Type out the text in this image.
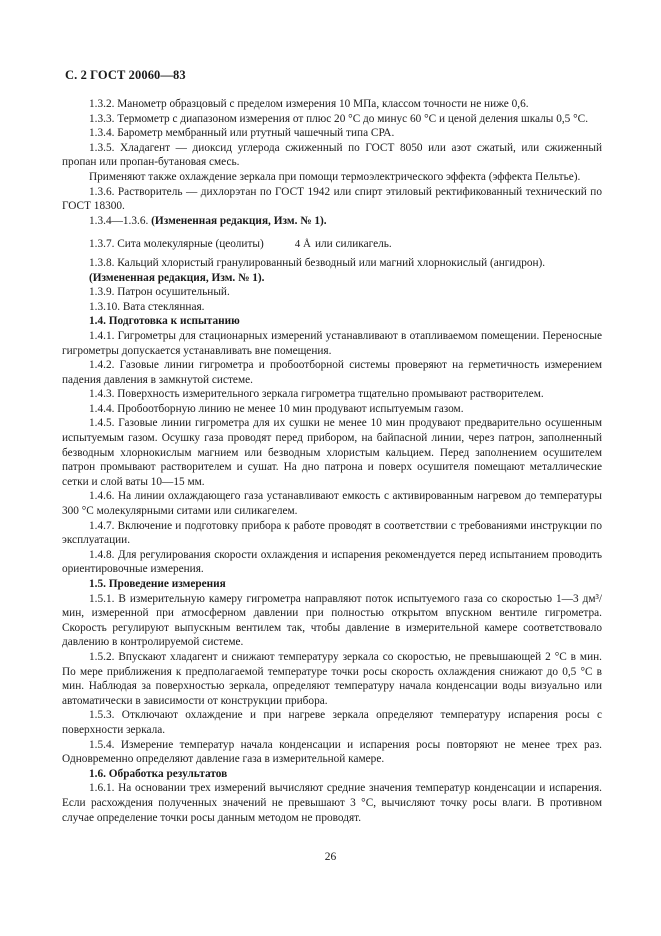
С. 2 ГОСТ 20060—83

1.3.2. Манометр образцовый с пределом измерения 10 МПа, классом точности не ниже 0,6.

1.3.3. Термометр с диапазоном измерения от плюс 20 °C до минус 60 °C и ценой деления шкалы 0,5 °C.

1.3.4. Барометр мембранный или ртутный чашечный типа СРА.

1.3.5. Хладагент — диоксид углерода сжиженный по ГОСТ 8050 или азот сжатый, или сжиженный пропан или пропан-бутановая смесь.

Применяют также охлаждение зеркала при помощи термоэлектрического эффекта (эффекта Пельтье).

1.3.6. Растворитель — дихлорэтан по ГОСТ 1942 или спирт этиловый ректификованный технический по ГОСТ 18300.

1.3.4—1.3.6. (Измененная редакция, Изм. № 1).

1.3.7. Сита молекулярные (цеолиты)	4 Å или силикагель.

1.3.8. Кальций хлористый гранулированный безводный или магний хлорнокислый (ангидрон).

(Измененная редакция, Изм. № 1).

1.3.9. Патрон осушительный.

1.3.10. Вата стеклянная.

1.4. Подготовка к испытанию

1.4.1. Гигрометры для стационарных измерений устанавливают в отапливаемом помещении. Переносные гигрометры допускается устанавливать вне помещения.

1.4.2. Газовые линии гигрометра и пробоотборной системы проверяют на герметичность измерением падения давления в замкнутой системе.

1.4.3. Поверхность измерительного зеркала гигрометра тщательно промывают растворителем.

1.4.4. Пробоотборную линию не менее 10 мин продувают испытуемым газом.

1.4.5. Газовые линии гигрометра для их сушки не менее 10 мин продувают предварительно осушенным испытуемым газом. Осушку газа проводят перед прибором, на байпасной линии, через патрон, заполненный безводным хлорнокислым магнием или безводным хлористым кальцием. Перед заполнением осушителем патрон промывают растворителем и сушат. На дно патрона и поверх осушителя помещают металлические сетки и слой ваты 10—15 мм.

1.4.6. На линии охлаждающего газа устанавливают емкость с активированным нагревом до температуры 300 °C молекулярными ситами или силикагелем.

1.4.7. Включение и подготовку прибора к работе проводят в соответствии с требованиями инструкции по эксплуатации.

1.4.8. Для регулирования скорости охлаждения и испарения рекомендуется перед испытанием проводить ориентировочные измерения.

1.5. Проведение измерения

1.5.1. В измерительную камеру гигрометра направляют поток испытуемого газа со скоростью 1—3 дм³/мин, измеренной при атмосферном давлении при полностью открытом впускном вентиле гигрометра. Скорость регулируют выпускным вентилем так, чтобы давление в измерительной камере соответствовало давлению в контролируемой системе.

1.5.2. Впускают хладагент и снижают температуру зеркала со скоростью, не превышающей 2 °C в мин. По мере приближения к предполагаемой температуре точки росы скорость охлаждения снижают до 0,5 °C в мин. Наблюдая за поверхностью зеркала, определяют температуру начала конденсации воды визуально или автоматически в зависимости от конструкции прибора.

1.5.3. Отключают охлаждение и при нагреве зеркала определяют температуру испарения росы с поверхности зеркала.

1.5.4. Измерение температур начала конденсации и испарения росы повторяют не менее трех раз. Одновременно определяют давление газа в измерительной камере.

1.6. Обработка результатов

1.6.1. На основании трех измерений вычисляют средние значения температур конденсации и испарения. Если расхождения полученных значений не превышают 3 °C, вычисляют точку росы влаги. В противном случае определение точки росы данным методом не проводят.

26
